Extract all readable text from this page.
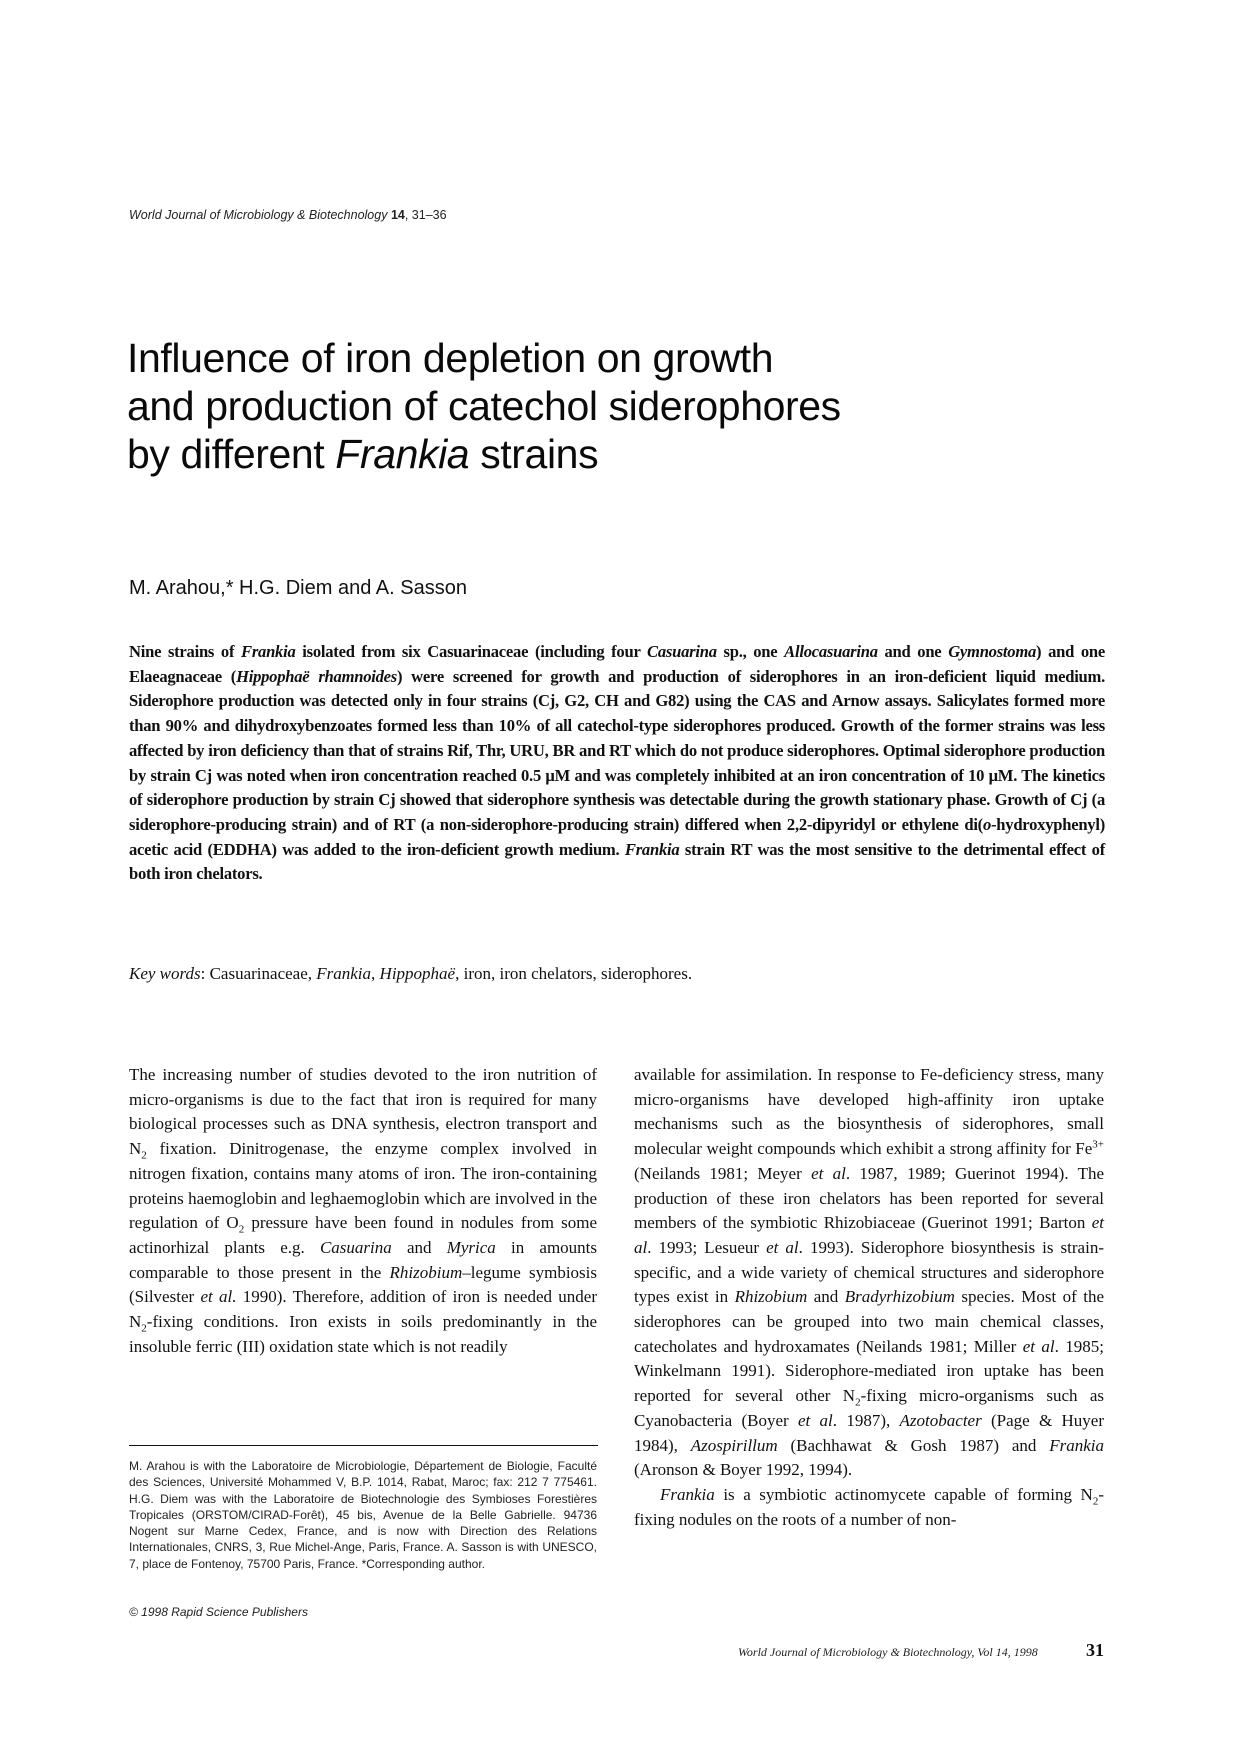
World Journal of Microbiology & Biotechnology 14, 31–36
Influence of iron depletion on growth
and production of catechol siderophores
by different Frankia strains
M. Arahou,* H.G. Diem and A. Sasson
Nine strains of Frankia isolated from six Casuarinaceae (including four Casuarina sp., one Allocasuarina and one Gymnostoma) and one Elaeagnaceae (Hippophaë rhamnoides) were screened for growth and production of siderophores in an iron-deficient liquid medium. Siderophore production was detected only in four strains (Cj, G2, CH and G82) using the CAS and Arnow assays. Salicylates formed more than 90% and dihydroxybenzoates formed less than 10% of all catechol-type siderophores produced. Growth of the former strains was less affected by iron deficiency than that of strains Rif, Thr, URU, BR and RT which do not produce siderophores. Optimal siderophore production by strain Cj was noted when iron concentration reached 0.5 μM and was completely inhibited at an iron concentration of 10 μM. The kinetics of siderophore production by strain Cj showed that siderophore synthesis was detectable during the growth stationary phase. Growth of Cj (a siderophore-producing strain) and of RT (a non-siderophore-producing strain) differed when 2,2-dipyridyl or ethylene di(o-hydroxyphenyl) acetic acid (EDDHA) was added to the iron-deficient growth medium. Frankia strain RT was the most sensitive to the detrimental effect of both iron chelators.
Key words: Casuarinaceae, Frankia, Hippophaë, iron, iron chelators, siderophores.

The increasing number of studies devoted to the iron nutrition of micro-organisms is due to the fact that iron is required for many biological processes such as DNA synthesis, electron transport and $N_2$ fixation. Dinitrogenase, the enzyme complex involved in nitrogen fixation, contains many atoms of iron. The iron-containing proteins haemoglobin and leghaemoglobin which are involved in the regulation of $O_2$ pressure have been found in nodules from some actinorhizal plants e.g. Casuarina and Myrica in amounts comparable to those present in the Rhizobium–legume symbiosis (Silvester et al. 1990). Therefore, addition of iron is needed under $N_2$-fixing conditions. Iron exists in soils predominantly in the insoluble ferric (III) oxidation state which is not readily

M. Arahou is with the Laboratoire de Microbiologie, Département de Biologie, Faculté des Sciences, Université Mohammed V, B.P. 1014, Rabat, Maroc; fax: 212 7 775461. H.G. Diem was with the Laboratoire de Biotechnologie des Symbioses Forestières Tropicales (ORSTOM/CIRAD-Forêt), 45 bis, Avenue de la Belle Gabrielle. 94736 Nogent sur Marne Cedex, France, and is now with Direction des Relations Internationales, CNRS, 3, Rue Michel-Ange, Paris, France. A. Sasson is with UNESCO, 7, place de Fontenoy, 75700 Paris, France. *Corresponding author.
© 1998 Rapid Science Publishers

available for assimilation. In response to Fe-deficiency stress, many micro-organisms have developed high-affinity iron uptake mechanisms such as the biosynthesis of siderophores, small molecular weight compounds which exhibit a strong affinity for $Fe^{3+}$ (Neilands 1981; Meyer et al. 1987, 1989; Guerinot 1994). The production of these iron chelators has been reported for several members of the symbiotic Rhizobiaceae (Guerinot 1991; Barton et al. 1993; Lesueur et al. 1993). Siderophore biosynthesis is strain-specific, and a wide variety of chemical structures and siderophore types exist in Rhizobium and Bradyrhizobium species. Most of the siderophores can be grouped into two main chemical classes, catecholates and hydroxamates (Neilands 1981; Miller et al. 1985; Winkelmann 1991). Siderophore-mediated iron uptake has been reported for several other $N_2$-fixing micro-organisms such as Cyanobacteria (Boyer et al. 1987), Azotobacter (Page & Huyer 1984), Azospirillum (Bachhawat & Gosh 1987) and Frankia (Aronson & Boyer 1992, 1994).

Frankia is a symbiotic actinomycete capable of forming $N_2$-fixing nodules on the roots of a number of non-

World Journal of Microbiology & Biotechnology, Vol 14, 1998	31
